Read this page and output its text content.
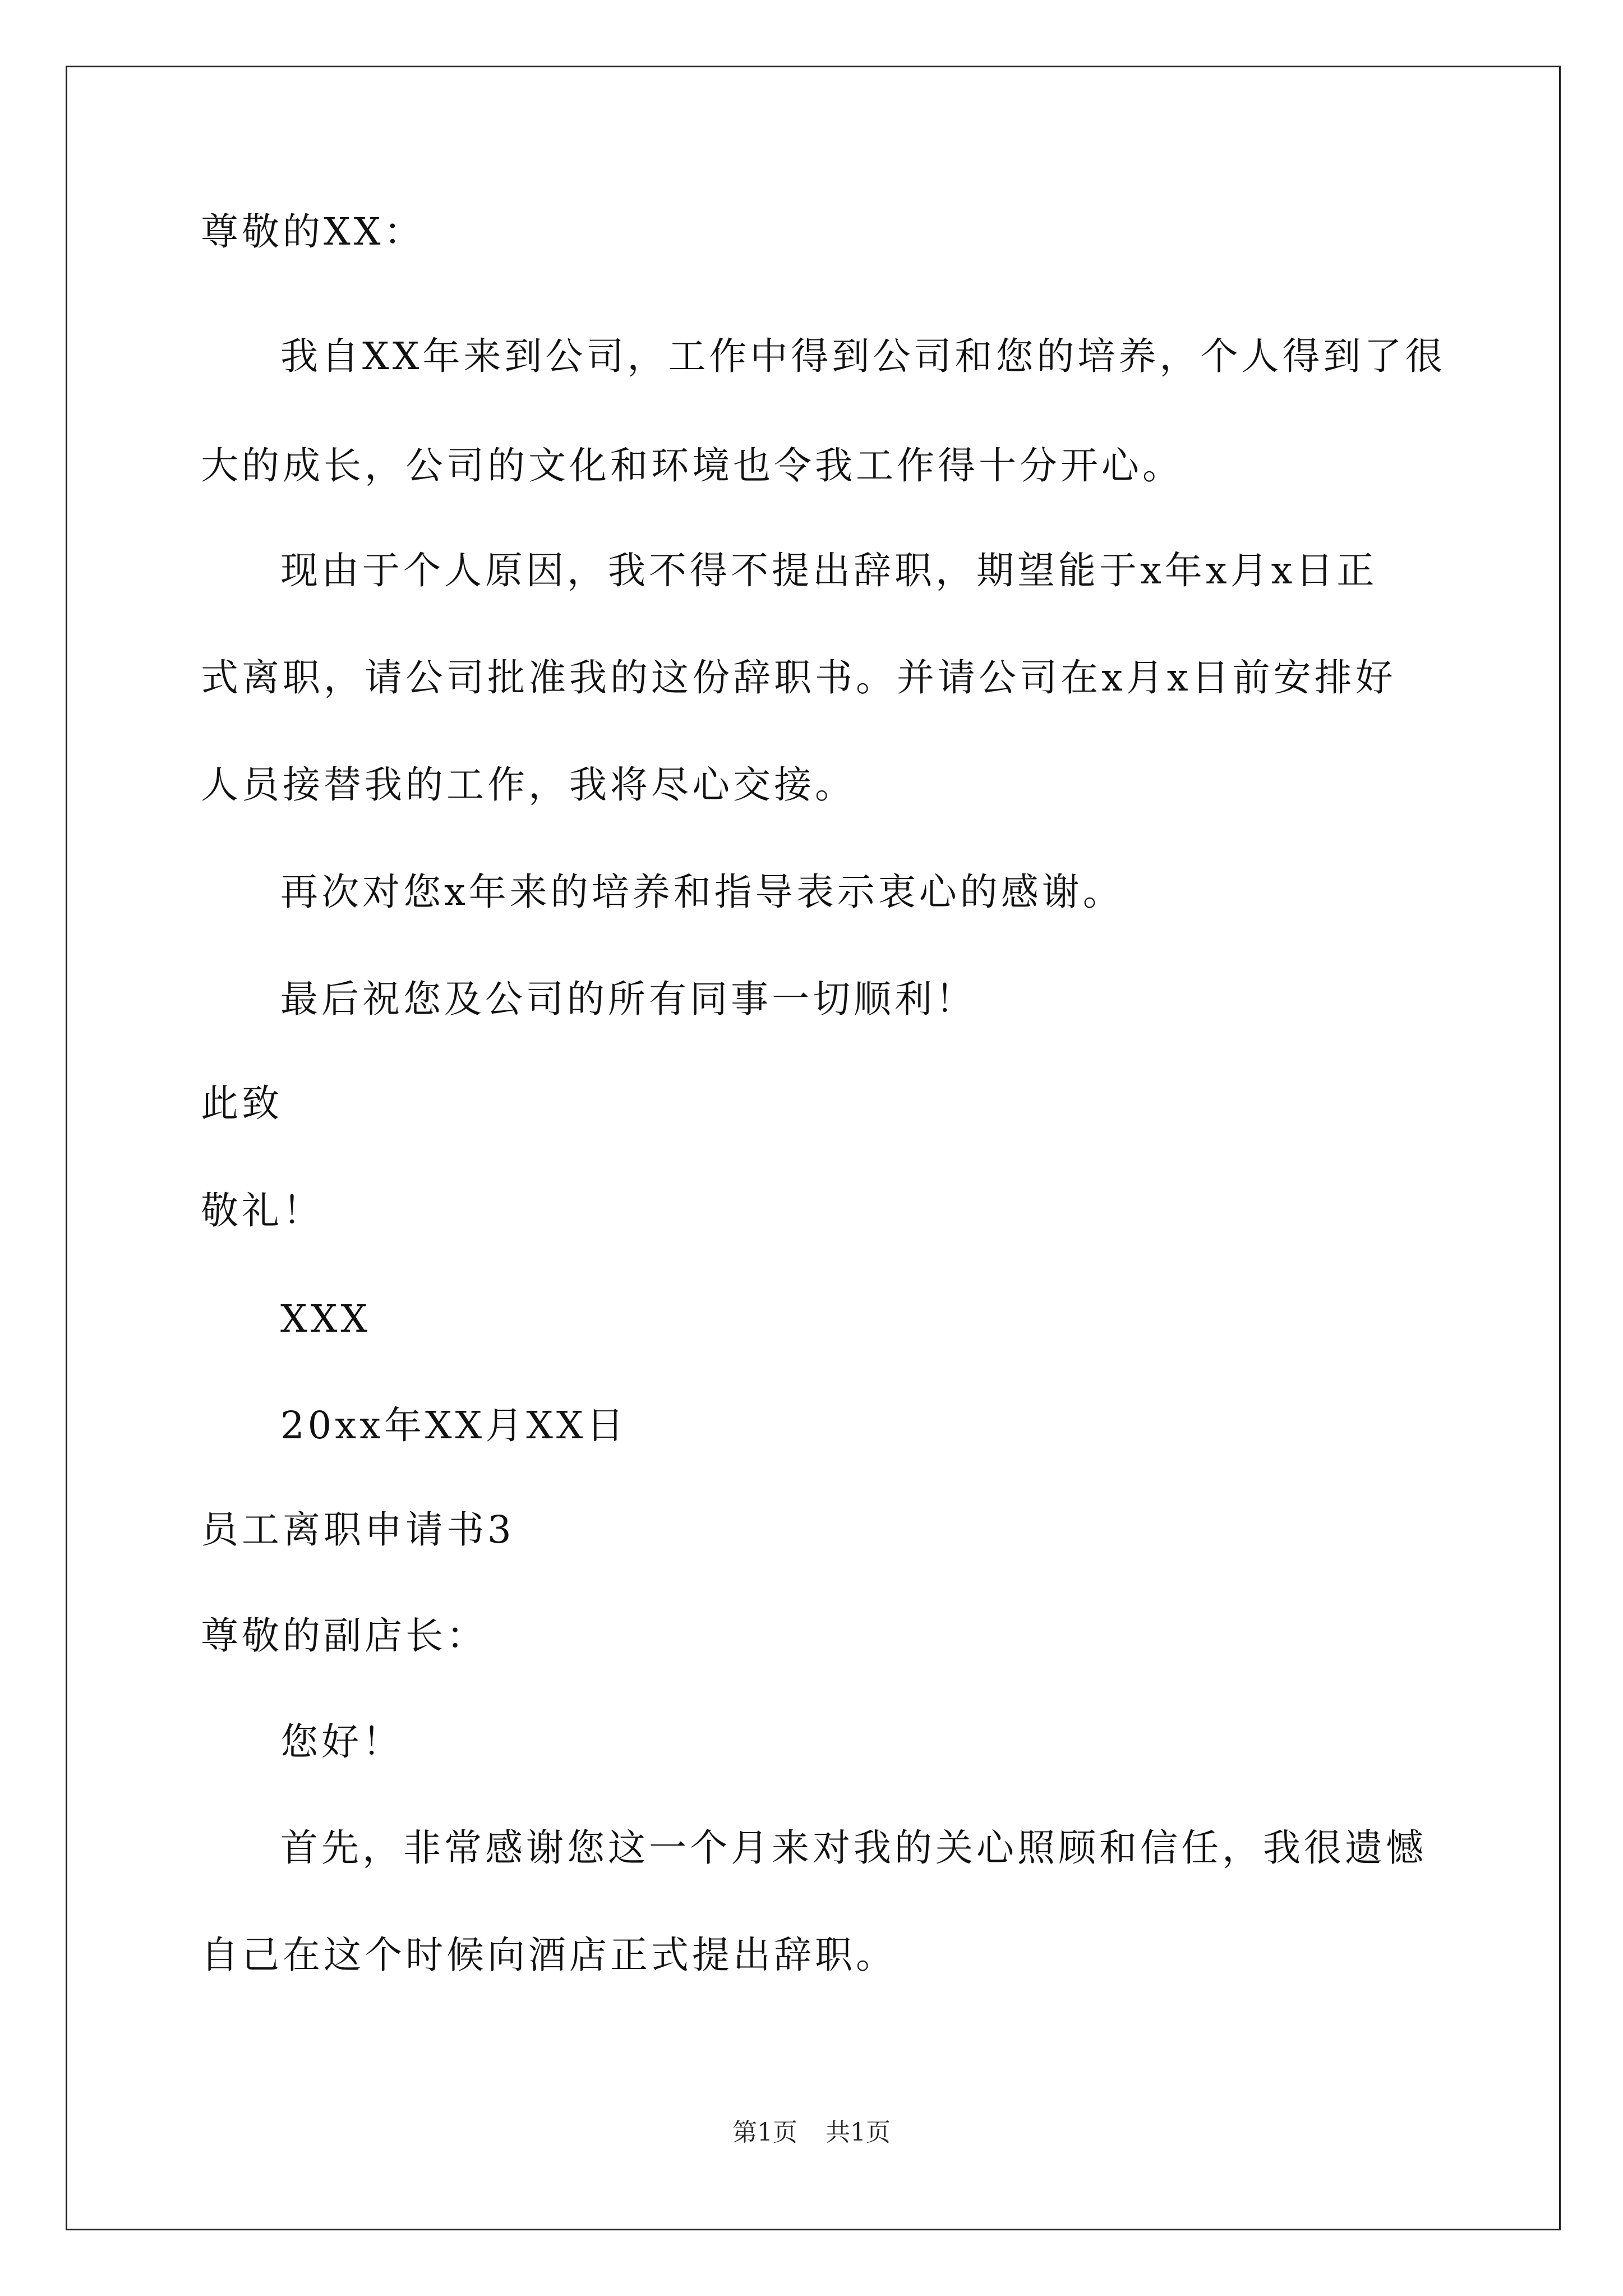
尊敬的XX：
我自XX年来到公司，工作中得到公司和您的培养，个人得到了很
大的成长，公司的文化和环境也令我工作得十分开心。
现由于个人原因，我不得不提出辞职，期望能于x年x月x日正
式离职，请公司批准我的这份辞职书。并请公司在x月x日前安排好
人员接替我的工作，我将尽心交接。
再次对您x年来的培养和指导表示衷心的感谢。
最后祝您及公司的所有同事一切顺利！
此致
敬礼！
XXX
20xx年XX月XX日
员工离职申请书3
尊敬的副店长：
您好！
首先，非常感谢您这一个月来对我的关心照顾和信任，我很遗憾
自己在这个时候向酒店正式提出辞职。
第1页 共1页
